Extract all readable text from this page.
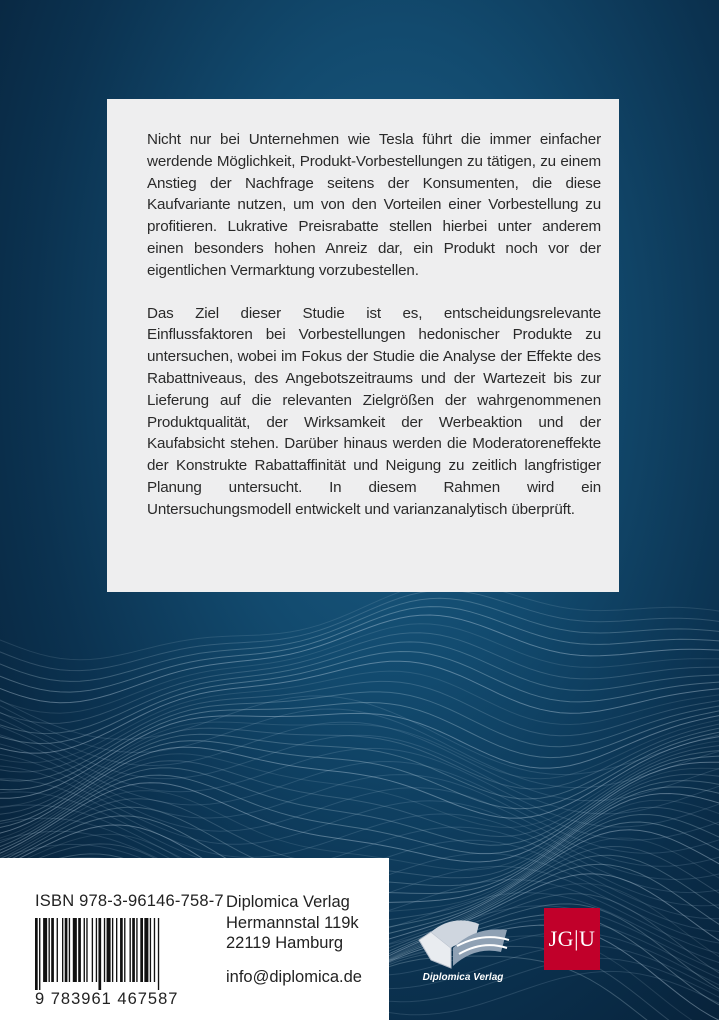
Nicht nur bei Unternehmen wie Tesla führt die immer einfacher werdende Möglichkeit, Produkt-Vorbestellungen zu tätigen, zu einem Anstieg der Nachfrage seitens der Konsumenten, die diese Kaufvariante nutzen, um von den Vorteilen einer Vorbestellung zu profitieren. Lukrative Preisrabatte stellen hierbei unter anderem einen besonders hohen Anreiz dar, ein Produkt noch vor der eigentlichen Vermarktung vorzubestellen.

Das Ziel dieser Studie ist es, entscheidungsrelevante Einflussfaktoren bei Vorbestellungen hedonischer Produkte zu untersuchen, wobei im Fokus der Studie die Analyse der Effekte des Rabattniveaus, des Angebotszeitraums und der Wartezeit bis zur Lieferung auf die relevanten Zielgrößen der wahrgenommenen Produktqualität, der Wirksamkeit der Werbeaktion und der Kaufabsicht stehen. Darüber hinaus werden die Moderatoreneffekte der Konstrukte Rabattaffinität und Neigung zu zeitlich langfristiger Planung untersucht. In diesem Rahmen wird ein Untersuchungsmodell entwickelt und varianzanalytisch überprüft.

ISBN 978-3-96146-758-7
9 783961 467587
Diplomica Verlag
Hermannstal 119k
22119 Hamburg
info@diplomica.de	Diplomica Verlag
JG|U
